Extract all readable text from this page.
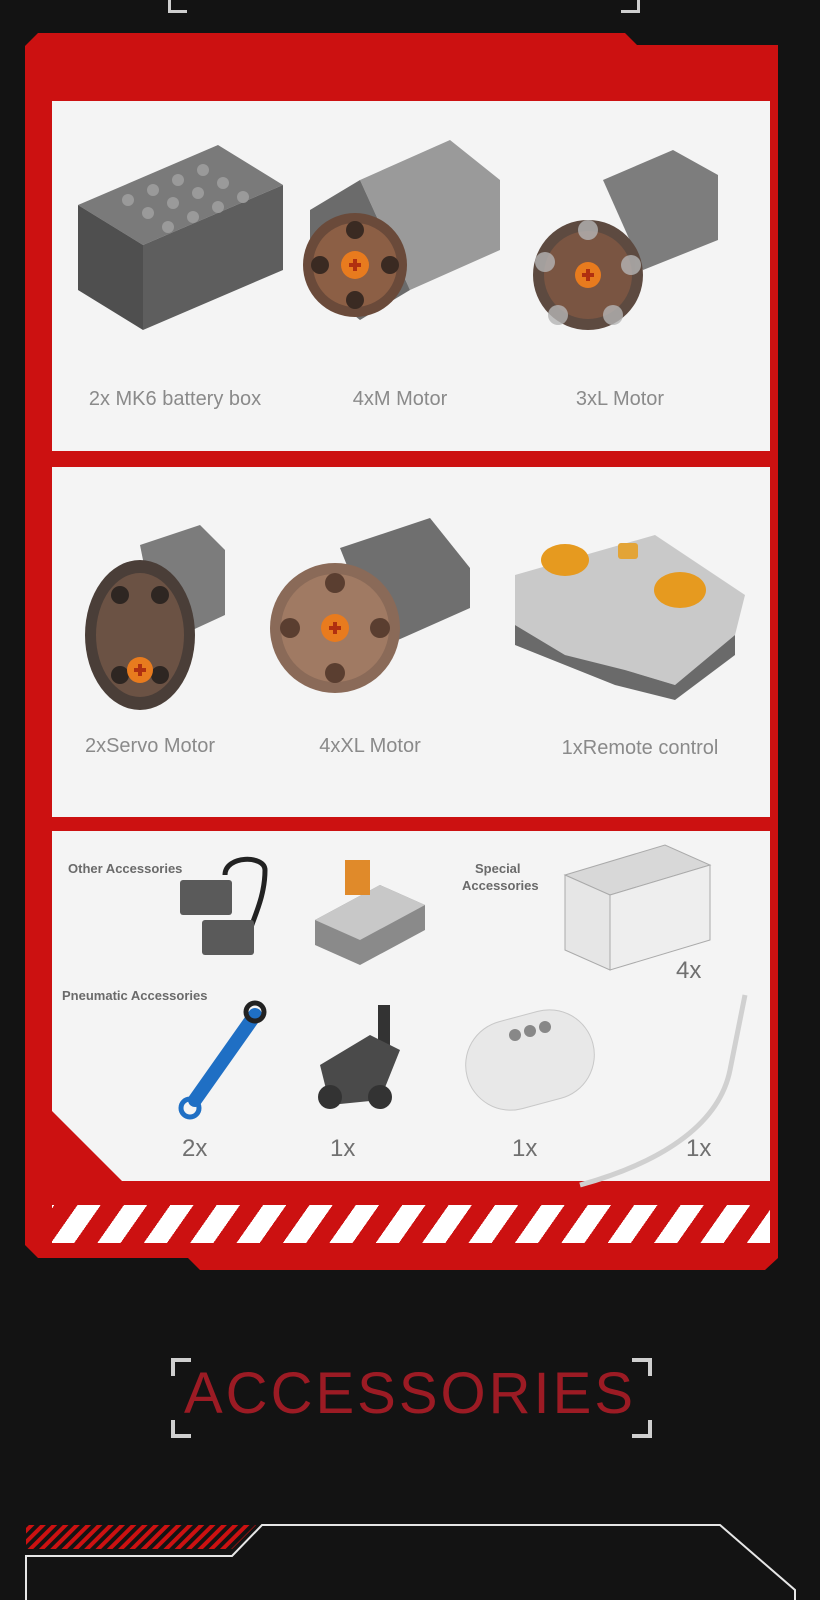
2x MK6 battery box	4xM Motor	3xL Motor
2xServo Motor	4xXL Motor	1xRemote control
Other Accessories	Special
Accessories
Pneumatic Accessories
4x
2x	1x	1x	1x
ACCESSORIES
